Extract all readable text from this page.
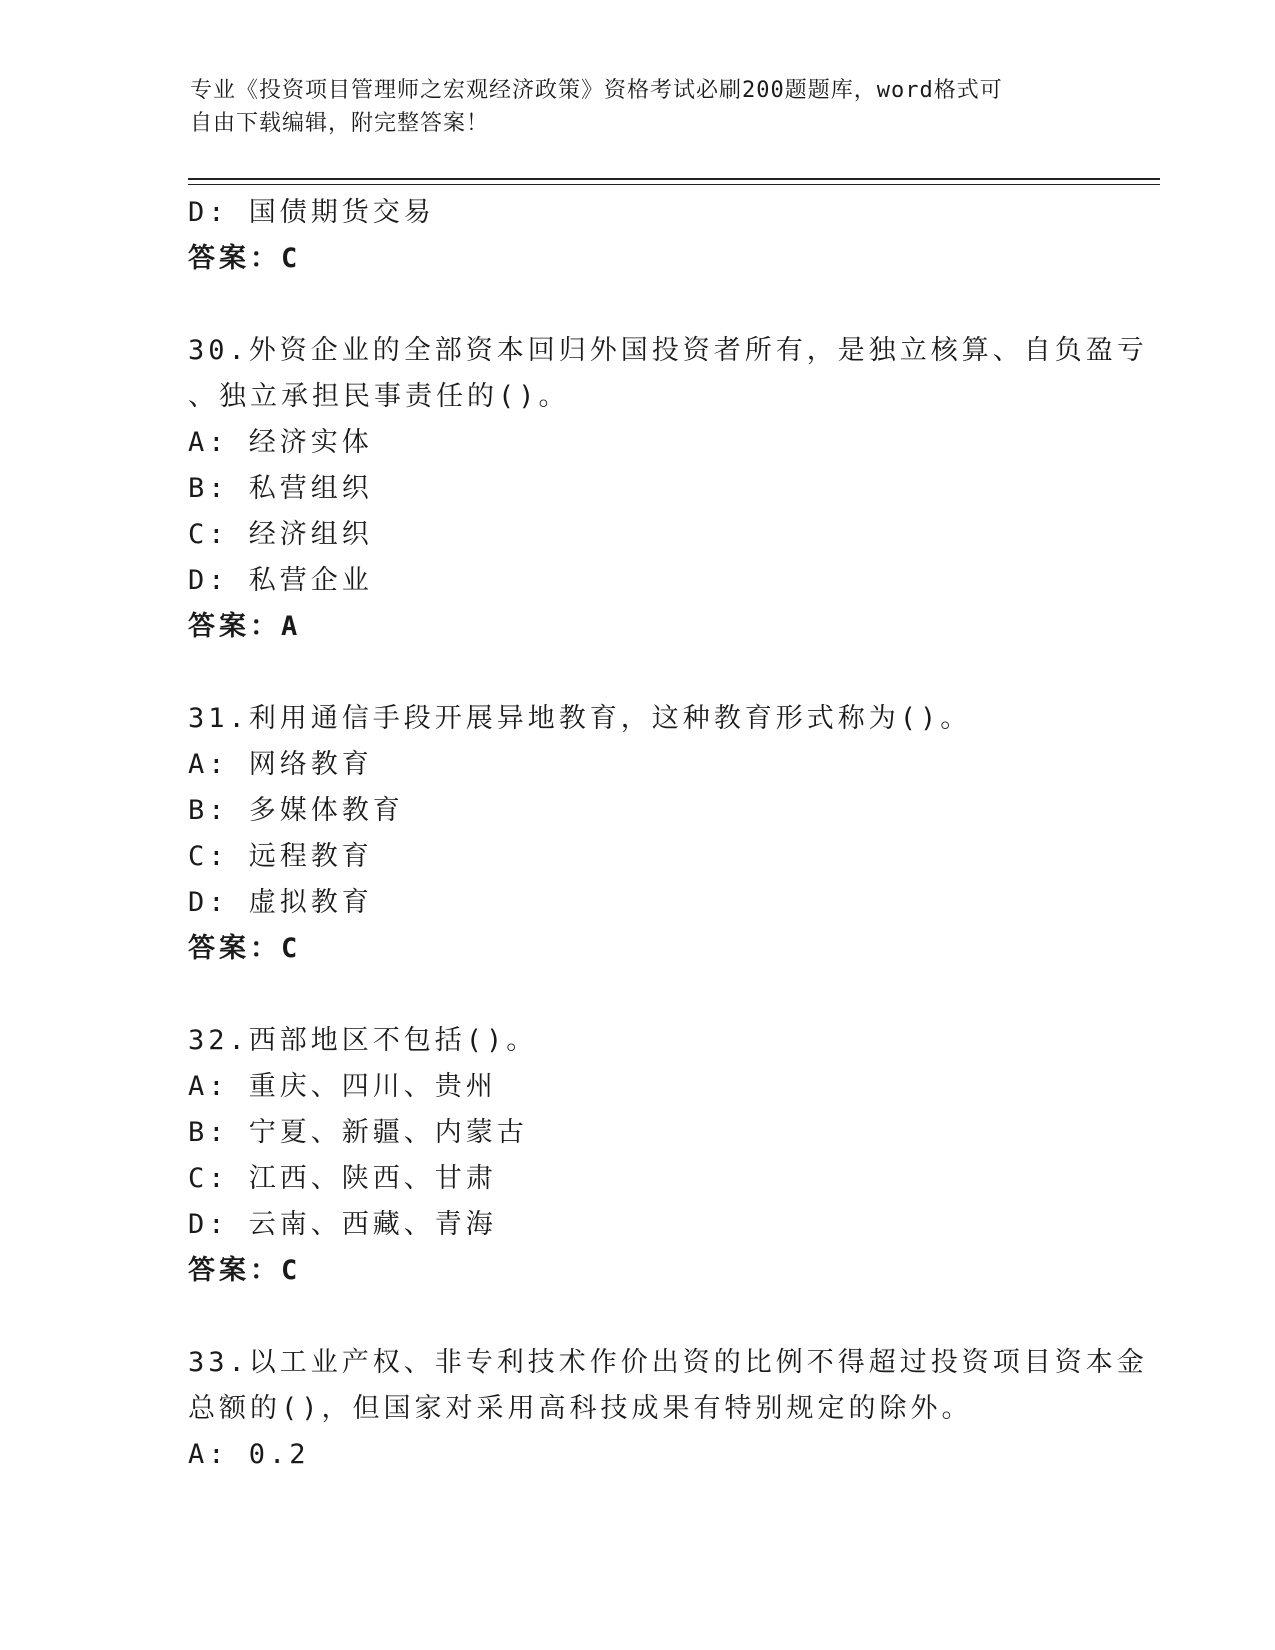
专业《投资项目管理师之宏观经济政策》资格考试必刷200题题库，word格式可
自由下载编辑，附完整答案！
D: 国债期货交易
答案：C
30.外资企业的全部资本回归外国投资者所有，是独立核算、自负盈亏
、独立承担民事责任的()。
A: 经济实体
B: 私营组织
C: 经济组织
D: 私营企业
答案：A
31.利用通信手段开展异地教育，这种教育形式称为()。
A: 网络教育
B: 多媒体教育
C: 远程教育
D: 虚拟教育
答案：C
32.西部地区不包括()。
A: 重庆、四川、贵州
B: 宁夏、新疆、内蒙古
C: 江西、陕西、甘肃
D: 云南、西藏、青海
答案：C
33.以工业产权、非专利技术作价出资的比例不得超过投资项目资本金
总额的()，但国家对采用高科技成果有特别规定的除外。
A: 0.2
